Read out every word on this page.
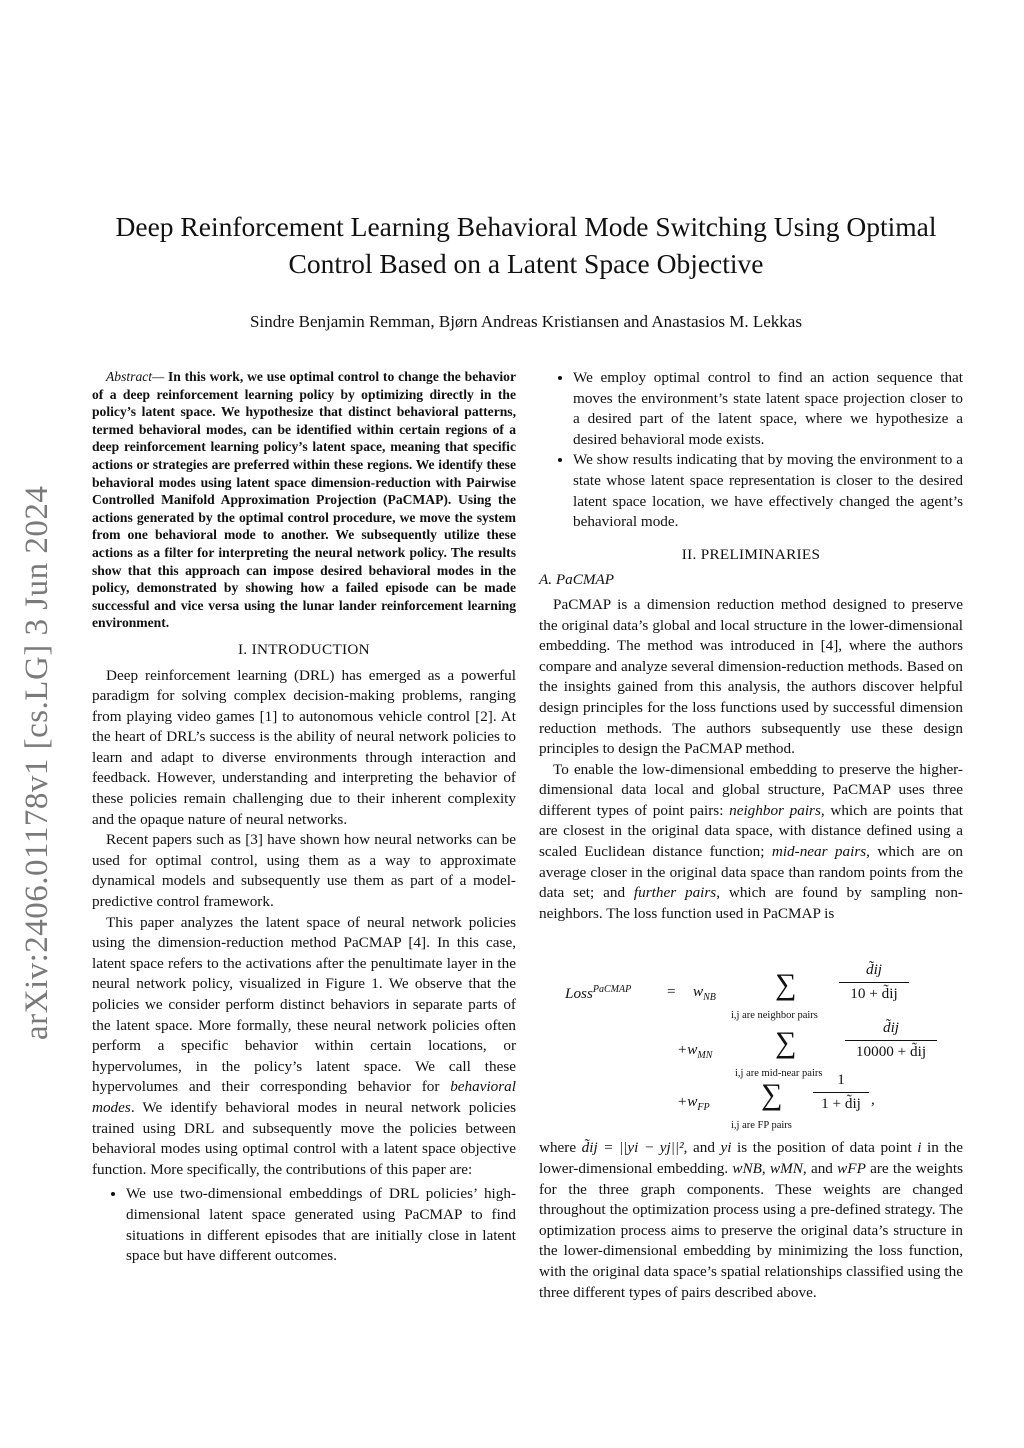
arXiv:2406.01178v1 [cs.LG] 3 Jun 2024
Deep Reinforcement Learning Behavioral Mode Switching Using Optimal Control Based on a Latent Space Objective
Sindre Benjamin Remman, Bjørn Andreas Kristiansen and Anastasios M. Lekkas

Abstract— In this work, we use optimal control to change the behavior of a deep reinforcement learning policy by optimizing directly in the policy’s latent space. We hypothesize that distinct behavioral patterns, termed behavioral modes, can be identified within certain regions of a deep reinforcement learning policy’s latent space, meaning that specific actions or strategies are preferred within these regions. We identify these behavioral modes using latent space dimension-reduction with Pairwise Controlled Manifold Approximation Projection (PaCMAP). Using the actions generated by the optimal control procedure, we move the system from one behavioral mode to another. We subsequently utilize these actions as a filter for interpreting the neural network policy. The results show that this approach can impose desired behavioral modes in the policy, demonstrated by showing how a failed episode can be made successful and vice versa using the lunar lander reinforcement learning environment.

I. INTRODUCTION

Deep reinforcement learning (DRL) has emerged as a powerful paradigm for solving complex decision-making problems, ranging from playing video games [1] to autonomous vehicle control [2]. At the heart of DRL’s success is the ability of neural network policies to learn and adapt to diverse environments through interaction and feedback. However, understanding and interpreting the behavior of these policies remain challenging due to their inherent complexity and the opaque nature of neural networks.

Recent papers such as [3] have shown how neural networks can be used for optimal control, using them as a way to approximate dynamical models and subsequently use them as part of a model-predictive control framework.

This paper analyzes the latent space of neural network policies using the dimension-reduction method PaCMAP [4]. In this case, latent space refers to the activations after the penultimate layer in the neural network policy, visualized in Figure 1. We observe that the policies we consider perform distinct behaviors in separate parts of the latent space. More formally, these neural network policies often perform a specific behavior within certain locations, or hypervolumes, in the policy’s latent space. We call these hypervolumes and their corresponding behavior for behavioral modes. We identify behavioral modes in neural network policies trained using DRL and subsequently move the policies between behavioral modes using optimal control with a latent space objective function. More specifically, the contributions of this paper are:

• We use two-dimensional embeddings of DRL policies’ high-dimensional latent space generated using PaCMAP to find situations in different episodes that are initially close in latent space but have different outcomes.
• We employ optimal control to find an action sequence that moves the environment’s state latent space projection closer to a desired part of the latent space, where we hypothesize a desired behavioral mode exists.
• We show results indicating that by moving the environment to a state whose latent space representation is closer to the desired latent space location, we have effectively changed the agent’s behavioral mode.
II. PRELIMINARIES
A. PaCMAP

PaCMAP is a dimension reduction method designed to preserve the original data’s global and local structure in the lower-dimensional embedding. The method was introduced in [4], where the authors compare and analyze several dimension-reduction methods. Based on the insights gained from this analysis, the authors discover helpful design principles for the loss functions used by successful dimension reduction methods. The authors subsequently use these design principles to design the PaCMAP method.

To enable the low-dimensional embedding to preserve the higher-dimensional data local and global structure, PaCMAP uses three different types of point pairs: neighbor pairs, which are points that are closest in the original data space, with distance defined using a scaled Euclidean distance function; mid-near pairs, which are on average closer in the original data space than random points from the data set; and further pairs, which are found by sampling non-neighbors. The loss function used in PaCMAP is

Loss$^{PaCMAP}$ = $w_{NB}$ ∑
i,j are neighbor pairs
$\frac{d̃ij}{10 + d̃ij}$
$+w_{MN}$ ∑
i,j are mid-near pairs
$\frac{d̃ij}{10000 + d̃ij}$
$+w_{FP}$ ∑
i,j are FP pairs
$\frac{1}{1 + d̃ij}$ ,

where d̃ij = ||yi − yj||², and yi is the position of data point i in the lower-dimensional embedding. wNB, wMN, and wFP are the weights for the three graph components. These weights are changed throughout the optimization process using a pre-defined strategy. The optimization process aims to preserve the original data’s structure in the lower-dimensional embedding by minimizing the loss function, with the original data space’s spatial relationships classified using the three different types of pairs described above.
